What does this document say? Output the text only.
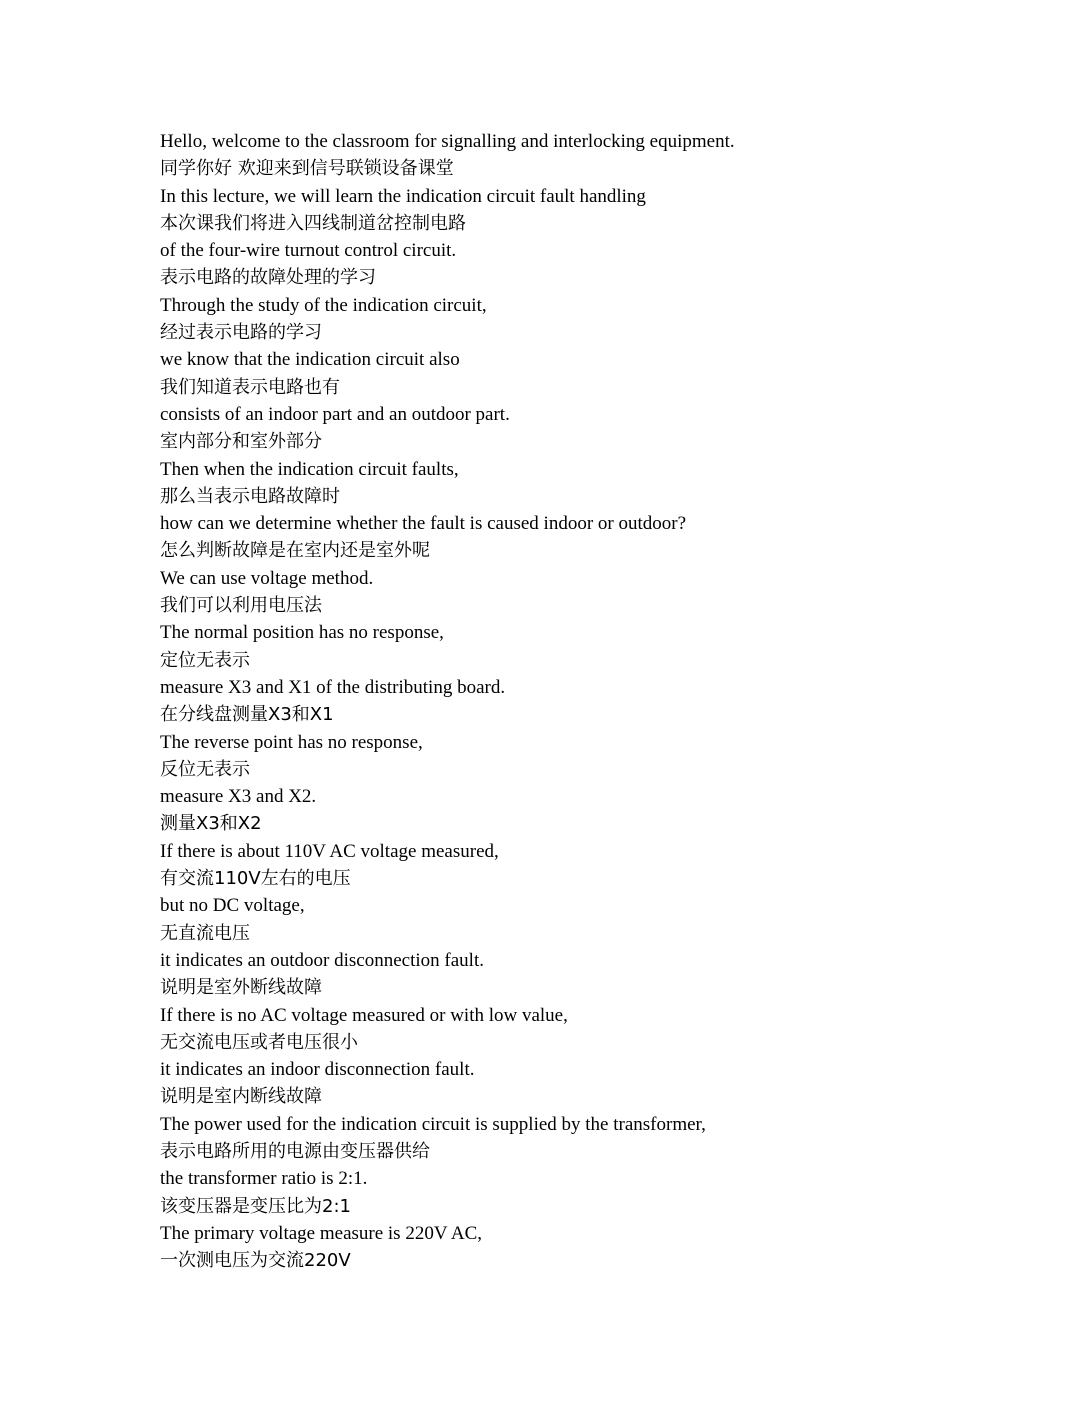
Hello, welcome to the classroom for signalling and interlocking equipment.
同学你好 欢迎来到信号联锁设备课堂
In this lecture, we will learn the indication circuit fault handling
本次课我们将进入四线制道岔控制电路
of the four-wire turnout control circuit.
表示电路的故障处理的学习
Through the study of the indication circuit,
经过表示电路的学习
we know that the indication circuit also
我们知道表示电路也有
consists of an indoor part and an outdoor part.
室内部分和室外部分
Then when the indication circuit faults,
那么当表示电路故障时
how can we determine whether the fault is caused indoor or outdoor?
怎么判断故障是在室内还是室外呢
We can use voltage method.
我们可以利用电压法
The normal position has no response,
定位无表示
measure X3 and X1 of the distributing board.
在分线盘测量X3和X1
The reverse point has no response,
反位无表示
measure X3 and X2.
测量X3和X2
If there is about 110V AC voltage measured,
有交流110V左右的电压
but no DC voltage,
无直流电压
it indicates an outdoor disconnection fault.
说明是室外断线故障
If there is no AC voltage measured or with low value,
无交流电压或者电压很小
it indicates an indoor disconnection fault.
说明是室内断线故障
The power used for the indication circuit is supplied by the transformer,
表示电路所用的电源由变压器供给
the transformer ratio is 2:1.
该变压器是变压比为2:1
The primary voltage measure is 220V AC,
一次测电压为交流220V
